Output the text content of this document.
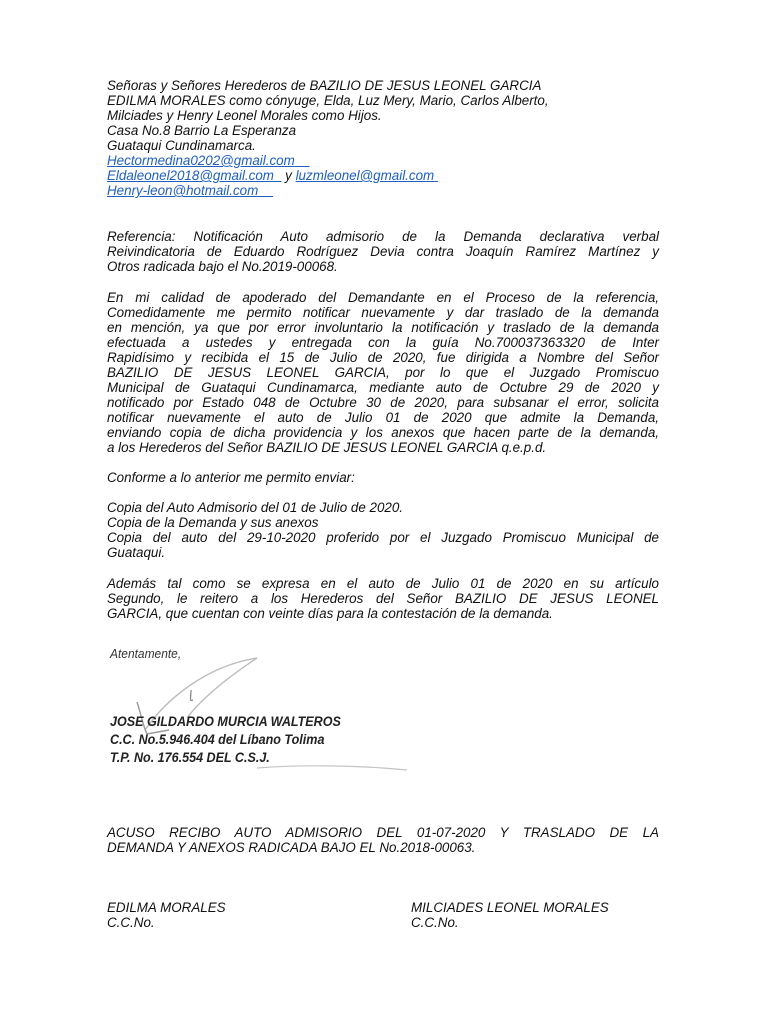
Señoras y Señores Herederos de BAZILIO DE JESUS LEONEL GARCIA
EDILMA MORALES como cónyuge, Elda, Luz Mery, Mario, Carlos Alberto,
Milciades y Henry Leonel Morales como Hijos.
Casa No.8 Barrio La Esperanza
Guataqui Cundinamarca.
Hectormedina0202@gmail.com
Eldaleonel2018@gmail.com y luzmleonel@gmail.com
Henry-leon@hotmail.com
Referencia: Notificación Auto admisorio de la Demanda declarativa verbal
Reivindicatoria de Eduardo Rodríguez Devia contra Joaquín Ramírez Martínez y
Otros radicada bajo el No.2019-00068.
En mi calidad de apoderado del Demandante en el Proceso de la referencia,
Comedidamente me permito notificar nuevamente y dar traslado de la demanda
en mención, ya que por error involuntario la notificación y traslado de la demanda
efectuada a ustedes y entregada con la guía No.700037363320 de Inter
Rapidísimo y recibida el 15 de Julio de 2020, fue dirigida a Nombre del Señor
BAZILIO DE JESUS LEONEL GARCIA, por lo que el Juzgado Promiscuo
Municipal de Guataqui Cundinamarca, mediante auto de Octubre 29 de 2020 y
notificado por Estado 048 de Octubre 30 de 2020, para subsanar el error, solicita
notificar nuevamente el auto de Julio 01 de 2020 que admite la Demanda,
enviando copia de dicha providencia y los anexos que hacen parte de la demanda,
a los Herederos del Señor BAZILIO DE JESUS LEONEL GARCIA q.e.p.d.
Conforme a lo anterior me permito enviar:
Copia del Auto Admisorio del 01 de Julio de 2020.
Copia de la Demanda y sus anexos
Copia del auto del 29-10-2020 proferido por el Juzgado Promiscuo Municipal de
Guataqui.
Además tal como se expresa en el auto de Julio 01 de 2020 en su artículo
Segundo, le reitero a los Herederos del Señor BAZILIO DE JESUS LEONEL
GARCIA, que cuentan con veinte días para la contestación de la demanda.
Atentamente,
JOSE GILDARDO MURCIA WALTEROS
C.C. No.5.946.404 del Líbano Tolima
T.P. No. 176.554 DEL C.S.J.
ACUSO RECIBO AUTO ADMISORIO DEL 01-07-2020 Y TRASLADO DE LA
DEMANDA Y ANEXOS RADICADA BAJO EL No.2018-00063.
EDILMA MORALES
C.C.No.
MILCIADES LEONEL MORALES
C.C.No.
